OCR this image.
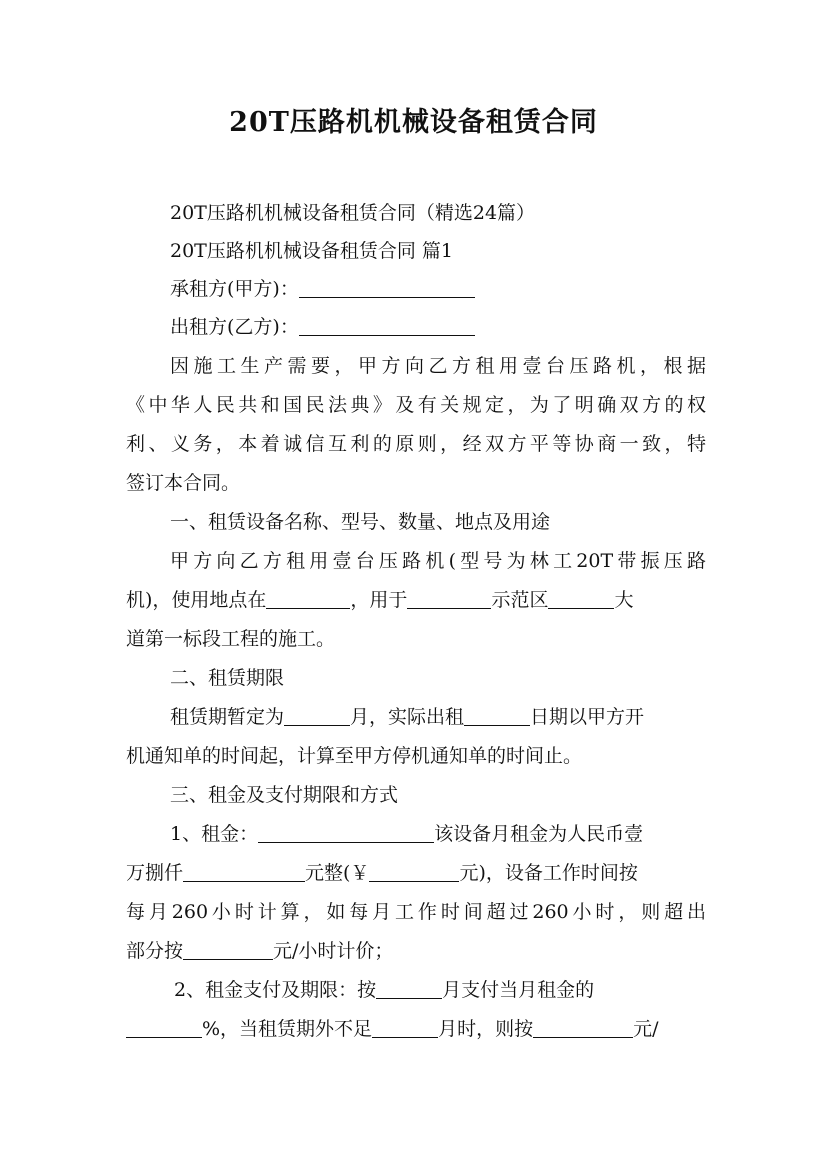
20T压路机机械设备租赁合同
20T压路机机械设备租赁合同（精选24篇）
20T压路机机械设备租赁合同 篇1
承租方(甲方)：
出租方(乙方)：
因施工生产需要，甲方向乙方租用壹台压路机，根据
《中华人民共和国民法典》及有关规定，为了明确双方的权
利、义务，本着诚信互利的原则，经双方平等协商一致，特
签订本合同。
一、租赁设备名称、型号、数量、地点及用途
甲方向乙方租用壹台压路机(型号为林工20T带振压路
机)，使用地点在	，用于	示范区	大
道第一标段工程的施工。
二、租赁期限
租赁期暂定为	月，实际出租	日期以甲方开
机通知单的时间起，计算至甲方停机通知单的时间止。
三、租金及支付期限和方式
1、租金：	该设备月租金为人民币壹
万捌仟	元整(￥	元)，设备工作时间按
每月260小时计算，如每月工作时间超过260小时，则超出
部分按	元/小时计价；
2、租金支付及期限：按	月支付当月租金的
%，当租赁期外不足	月时，则按	元/
